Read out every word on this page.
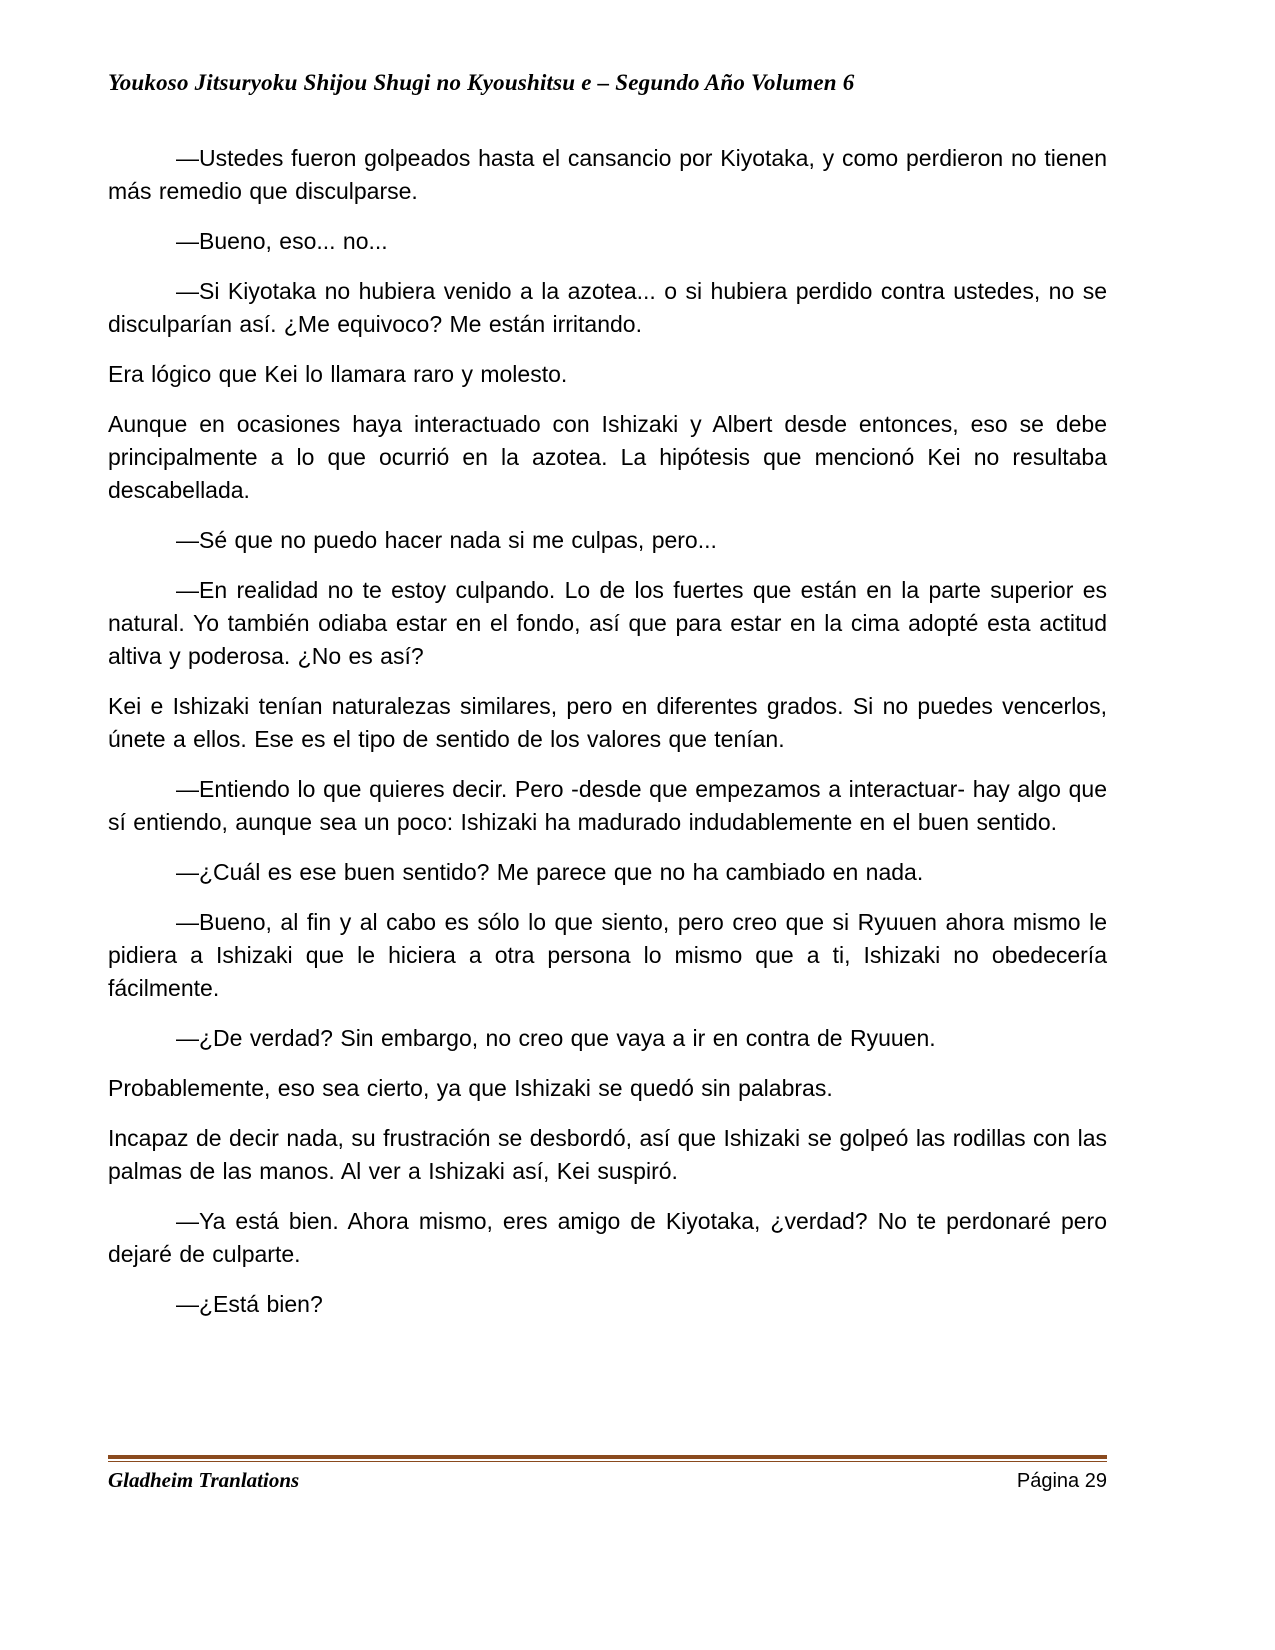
Youkoso Jitsuryoku Shijou Shugi no Kyoushitsu e – Segundo Año Volumen 6

—Ustedes fueron golpeados hasta el cansancio por Kiyotaka, y como perdieron no tienen más remedio que disculparse.

—Bueno, eso... no...

—Si Kiyotaka no hubiera venido a la azotea... o si hubiera perdido contra ustedes, no se disculparían así. ¿Me equivoco? Me están irritando.

Era lógico que Kei lo llamara raro y molesto.

Aunque en ocasiones haya interactuado con Ishizaki y Albert desde entonces, eso se debe principalmente a lo que ocurrió en la azotea. La hipótesis que mencionó Kei no resultaba descabellada.

—Sé que no puedo hacer nada si me culpas, pero...

—En realidad no te estoy culpando. Lo de los fuertes que están en la parte superior es natural. Yo también odiaba estar en el fondo, así que para estar en la cima adopté esta actitud altiva y poderosa. ¿No es así?

Kei e Ishizaki tenían naturalezas similares, pero en diferentes grados. Si no puedes vencerlos, únete a ellos. Ese es el tipo de sentido de los valores que tenían.

—Entiendo lo que quieres decir. Pero -desde que empezamos a interactuar- hay algo que sí entiendo, aunque sea un poco: Ishizaki ha madurado indudablemente en el buen sentido.

—¿Cuál es ese buen sentido? Me parece que no ha cambiado en nada.

—Bueno, al fin y al cabo es sólo lo que siento, pero creo que si Ryuuen ahora mismo le pidiera a Ishizaki que le hiciera a otra persona lo mismo que a ti, Ishizaki no obedecería fácilmente.

—¿De verdad? Sin embargo, no creo que vaya a ir en contra de Ryuuen.

Probablemente, eso sea cierto, ya que Ishizaki se quedó sin palabras.

Incapaz de decir nada, su frustración se desbordó, así que Ishizaki se golpeó las rodillas con las palmas de las manos. Al ver a Ishizaki así, Kei suspiró.

—Ya está bien. Ahora mismo, eres amigo de Kiyotaka, ¿verdad? No te perdonaré pero dejaré de culparte.

—¿Está bien?

Gladheim Tranlations	Página 29
